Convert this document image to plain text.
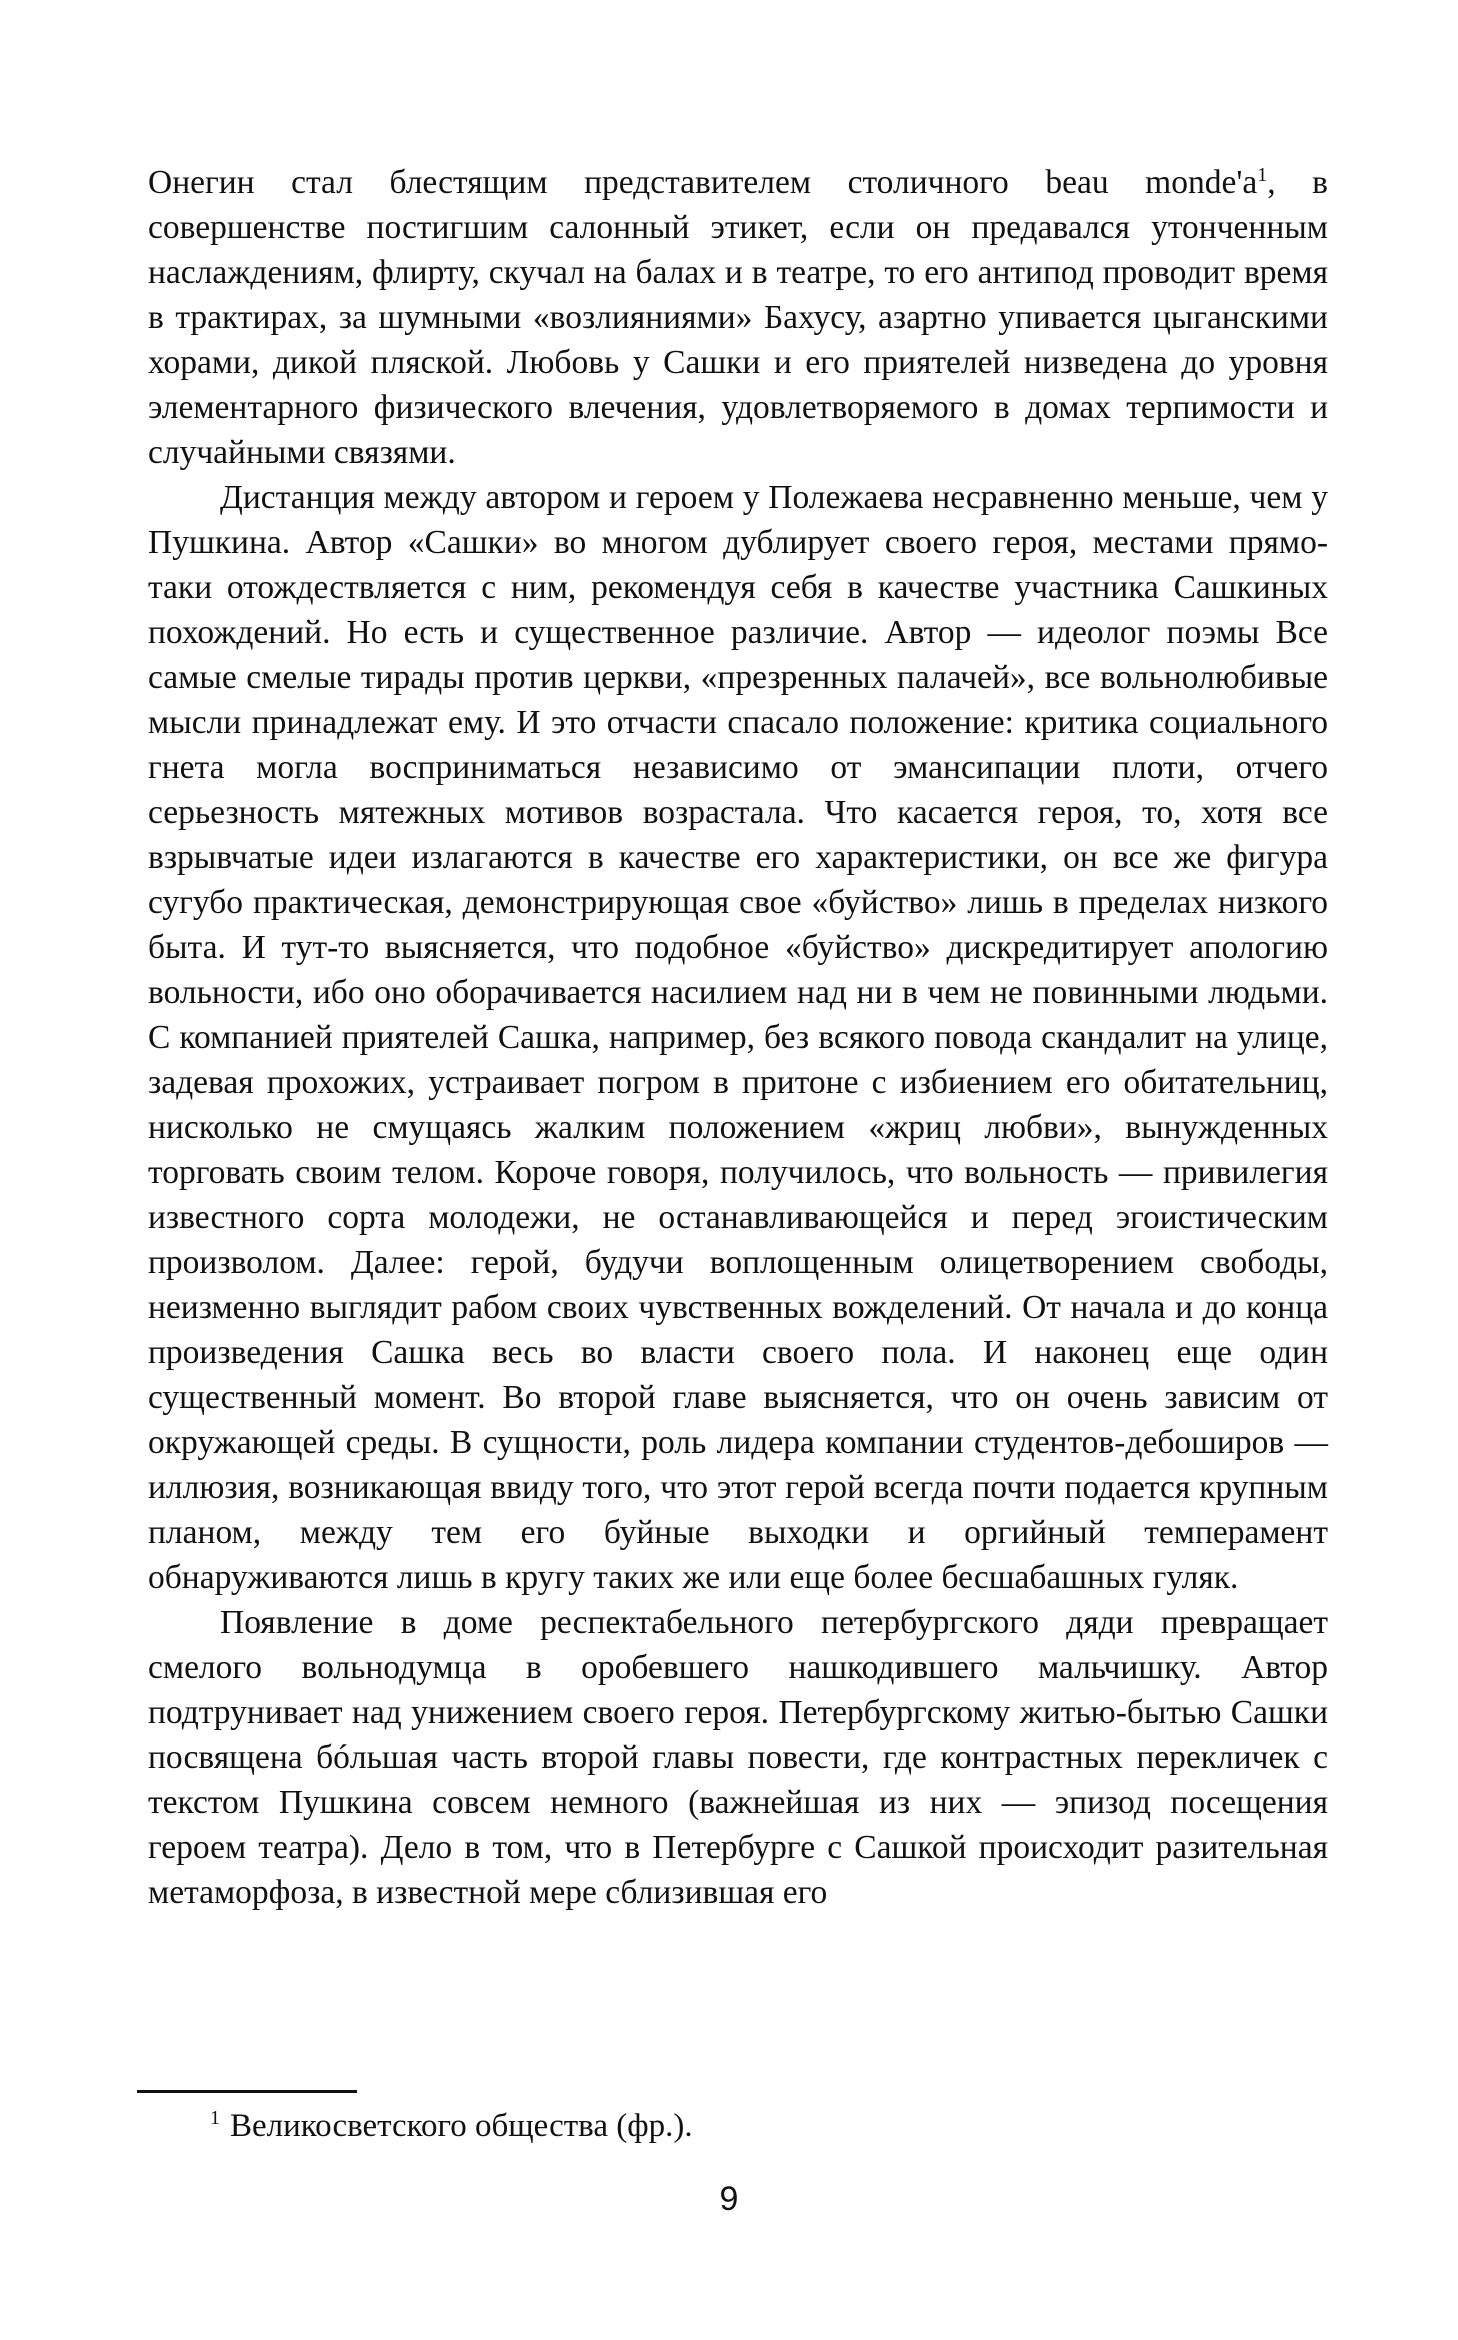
Онегин стал блестящим представителем столичного beau monde'а$^1$, в совершенстве постигшим салонный этикет, если он предавался утонченным наслаждениям, флирту, скучал на балах и в театре, то его антипод проводит время в трактирах, за шумными «возлияниями» Бахусу, азартно упивается цыганскими хорами, дикой пляской. Любовь у Сашки и его приятелей низведена до уровня элементарного физического влечения, удовлетворяемого в домах терпимости и случайными связями.

Дистанция между автором и героем у Полежаева несравненно меньше, чем у Пушкина. Автор «Сашки» во многом дублирует своего героя, местами прямо-таки отождествляется с ним, рекомендуя себя в качестве участника Сашкиных похождений. Но есть и существенное различие. Автор — идеолог поэмы Все самые смелые тирады против церкви, «презренных палачей», все вольнолюбивые мысли принадлежат ему. И это отчасти спасало положение: критика социального гнета могла восприниматься независимо от эмансипации плоти, отчего серьезность мятежных мотивов возрастала. Что касается героя, то, хотя все взрывчатые идеи излагаются в качестве его характеристики, он все же фигура сугубо практическая, демонстрирующая свое «буйство» лишь в пределах низкого быта. И тут-то выясняется, что подобное «буйство» дискредитирует апологию вольности, ибо оно оборачивается насилием над ни в чем не повинными людьми. С компанией приятелей Сашка, например, без всякого повода скандалит на улице, задевая прохожих, устраивает погром в притоне с избиением его обитательниц, нисколько не смущаясь жалким положением «жриц любви», вынужденных торговать своим телом. Короче говоря, получилось, что вольность — привилегия известного сорта молодежи, не останавливающейся и перед эгоистическим произволом. Далее: герой, будучи воплощенным олицетворением свободы, неизменно выглядит рабом своих чувственных вожделений. От начала и до конца произведения Сашка весь во власти своего пола. И наконец еще один существенный момент. Во второй главе выясняется, что он очень зависим от окружающей среды. В сущности, роль лидера компании студентов-дебоширов — иллюзия, возникающая ввиду того, что этот герой всегда почти подается крупным планом, между тем его буйные выходки и оргийный темперамент обнаруживаются лишь в кругу таких же или еще более бесшабашных гуляк.

Появление в доме респектабельного петербургского дяди превращает смелого вольнодумца в оробевшего нашкодившего мальчишку. Автор подтрунивает над унижением своего героя. Петербургскому житью-бытью Сашки посвящена бóльшая часть второй главы повести, где контрастных перекличек с текстом Пушкина совсем немного (важнейшая из них — эпизод посещения героем театра). Дело в том, что в Петербурге с Сашкой происходит разительная метаморфоза, в известной мере сблизившая его

$^1$ Великосветского общества (фр.).
9
